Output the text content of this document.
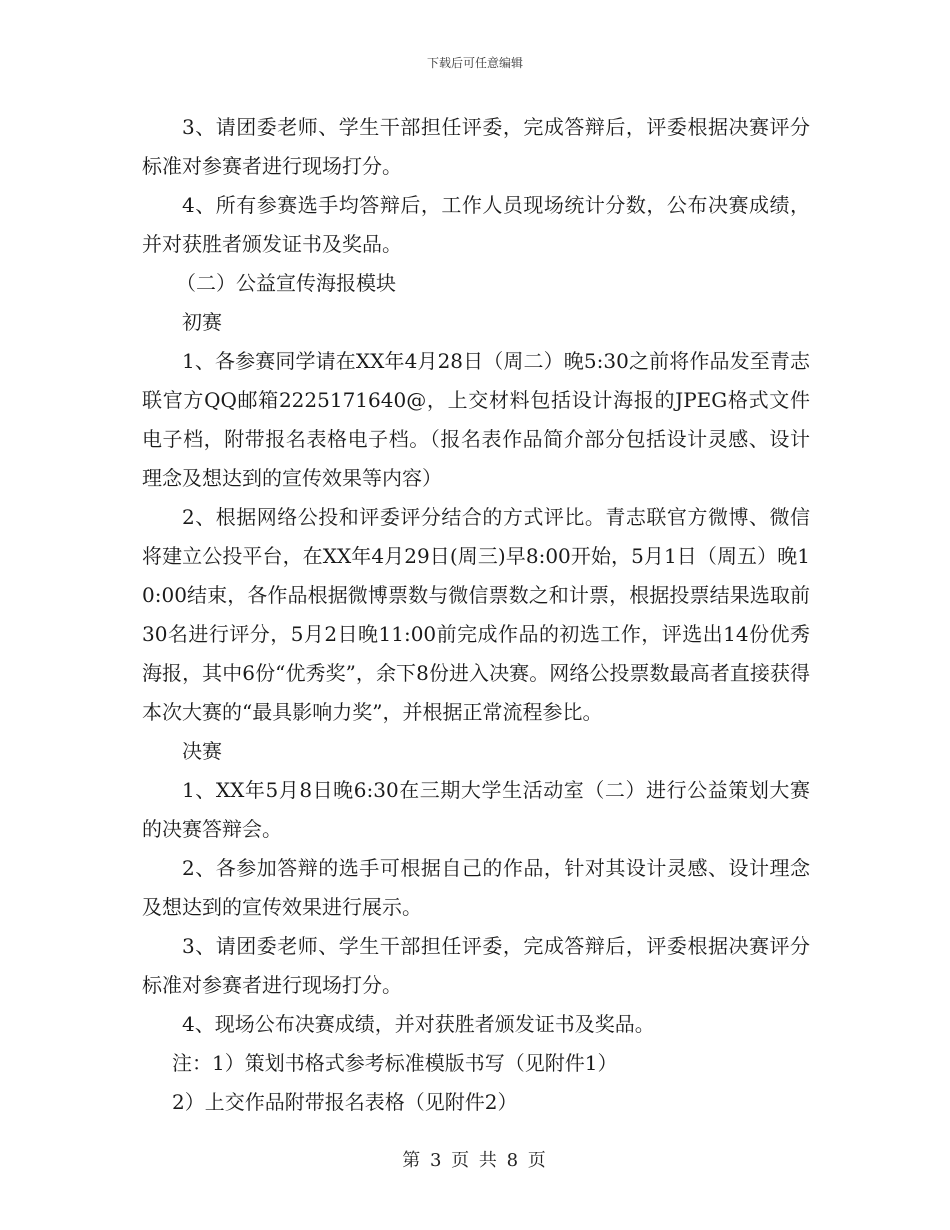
下载后可任意编辑

3、请团委老师、学生干部担任评委，完成答辩后，评委根据决赛评分标准对参赛者进行现场打分。

4、所有参赛选手均答辩后，工作人员现场统计分数，公布决赛成绩，并对获胜者颁发证书及奖品。

（二）公益宣传海报模块

初赛

1、各参赛同学请在XX年4月28日（周二）晚5:30之前将作品发至青志联官方QQ邮箱2225171640@，上交材料包括设计海报的JPEG格式文件电子档，附带报名表格电子档。（报名表作品简介部分包括设计灵感、设计理念及想达到的宣传效果等内容）

2、根据网络公投和评委评分结合的方式评比。青志联官方微博、微信将建立公投平台，在XX年4月29日(周三)早8:00开始，5月1日（周五）晚10:00结束，各作品根据微博票数与微信票数之和计票，根据投票结果选取前30名进行评分，5月2日晚11:00前完成作品的初选工作，评选出14份优秀海报，其中6份“优秀奖”，余下8份进入决赛。网络公投票数最高者直接获得本次大赛的“最具影响力奖”，并根据正常流程参比。

决赛

1、XX年5月8日晚6:30在三期大学生活动室（二）进行公益策划大赛的决赛答辩会。

2、各参加答辩的选手可根据自己的作品，针对其设计灵感、设计理念及想达到的宣传效果进行展示。

3、请团委老师、学生干部担任评委，完成答辩后，评委根据决赛评分标准对参赛者进行现场打分。

4、现场公布决赛成绩，并对获胜者颁发证书及奖品。

注：1）策划书格式参考标准模版书写（见附件1）

2）上交作品附带报名表格（见附件2）

第 3 页 共 8 页
